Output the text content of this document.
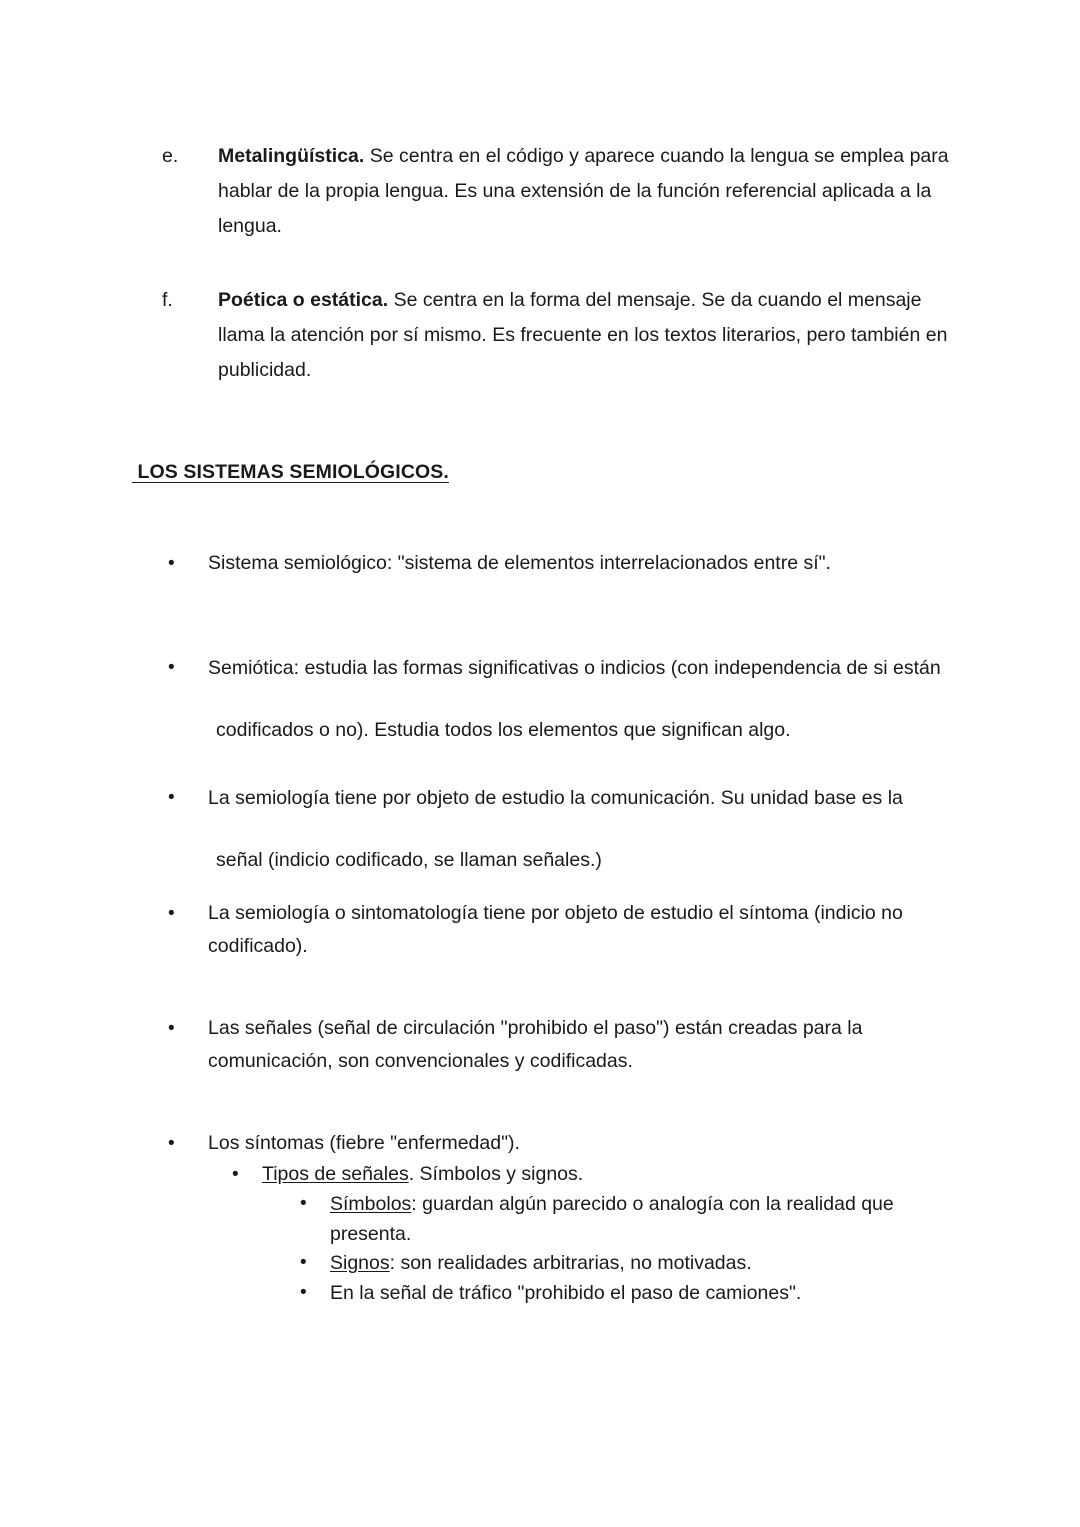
e.	Metalingüística. Se centra en el código y aparece cuando la lengua se emplea para hablar de la propia lengua. Es una extensión de la función referencial aplicada a la lengua.
f.	Poética o estática. Se centra en la forma del mensaje. Se da cuando el mensaje llama la atención por sí mismo. Es frecuente en los textos literarios, pero también en publicidad.
LOS SISTEMAS SEMIOLÓGICOS.
•	Sistema semiológico: "sistema de elementos interrelacionados entre sí".
•	Semiótica: estudia las formas significativas o indicios (con independencia de si están
codificados o no). Estudia todos los elementos que significan algo.
•	La semiología tiene por objeto de estudio la comunicación. Su unidad base es la
señal (indicio codificado, se llaman señales.)
•	La semiología o sintomatología tiene por objeto de estudio el síntoma (indicio no
codificado).
•	Las señales (señal de circulación "prohibido el paso") están creadas para la
comunicación, son convencionales y codificadas.
•	Los síntomas (fiebre "enfermedad").
•	Tipos de señales. Símbolos y signos.
•	Símbolos: guardan algún parecido o analogía con la realidad que
presenta.
•	Signos: son realidades arbitrarias, no motivadas.
•	En la señal de tráfico "prohibido el paso de camiones".
